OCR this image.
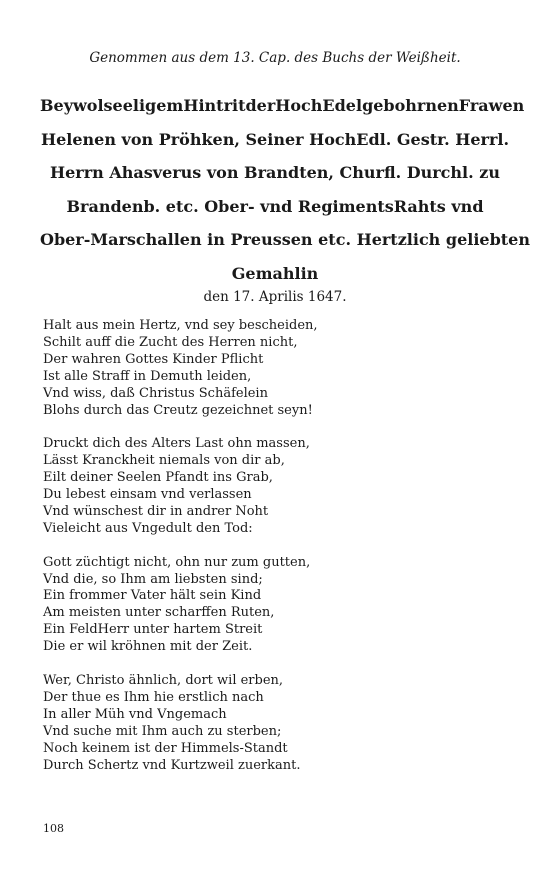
Genommen aus dem 13. Cap. des Buchs der Weißheit.
BeywolseeligemHintritderHochEdelgebohrnenFrawen
Helenen von Pröhken, Seiner HochEdl. Gestr. Herrl.
Herrn Ahasverus von Brandten, Churfl. Durchl. zu
Brandenb. etc. Ober- vnd RegimentsRahts vnd
Ober-Marschallen in Preussen etc. Hertzlich geliebten
Gemahlin
den 17. Aprilis 1647.
Halt aus mein Hertz, vnd sey bescheiden,
Schilt auff die Zucht des Herren nicht,
Der wahren Gottes Kinder Pflicht
Ist alle Straff in Demuth leiden,
Vnd wiss, daß Christus Schäfelein
Blohs durch das Creutz gezeichnet seyn!
Druckt dich des Alters Last ohn massen,
Lässt Kranckheit niemals von dir ab,
Eilt deiner Seelen Pfandt ins Grab,
Du lebest einsam vnd verlassen
Vnd wünschest dir in andrer Noht
Vieleicht aus Vngedult den Tod:
Gott züchtigt nicht, ohn nur zum gutten,
Vnd die, so Ihm am liebsten sind;
Ein frommer Vater hält sein Kind
Am meisten unter scharffen Ruten,
Ein FeldHerr unter hartem Streit
Die er wil kröhnen mit der Zeit.
Wer, Christo ähnlich, dort wil erben,
Der thue es Ihm hie erstlich nach
In aller Müh vnd Vngemach
Vnd suche mit Ihm auch zu sterben;
Noch keinem ist der Himmels-Standt
Durch Schertz vnd Kurtzweil zuerkant.
108
